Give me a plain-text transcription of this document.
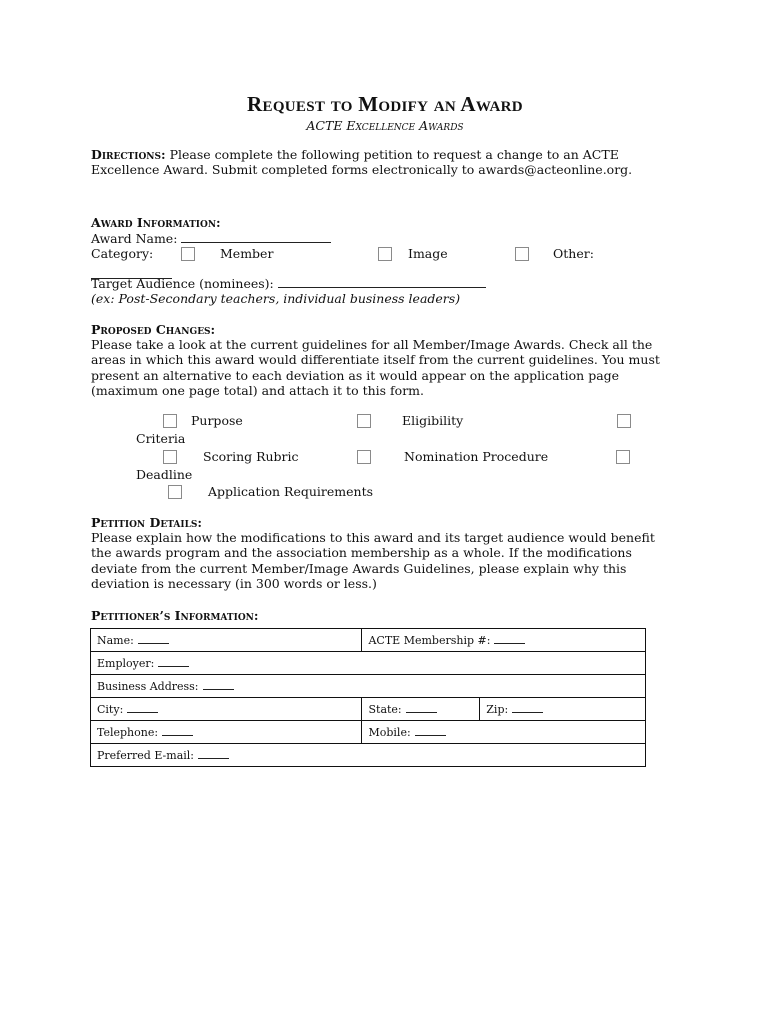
Request to Modify an Award
ACTE Excellence Awards
Directions: Please complete the following petition to request a change to an ACTE Excellence Award. Submit completed forms electronically to awards@acteonline.org.
Award Information:
Award Name:
Category:	Member	Image	Other:
Target Audience (nominees):
(ex: Post-Secondary teachers, individual business leaders)
Proposed Changes:
Please take a look at the current guidelines for all Member/Image Awards. Check all the areas in which this award would differentiate itself from the current guidelines. You must present an alternative to each deviation as it would appear on the application page (maximum one page total) and attach it to this form.
Purpose	Eligibility
Criteria
Scoring Rubric	Nomination Procedure
Deadline
Application Requirements
Petition Details:
Please explain how the modifications to this award and its target audience would benefit the awards program and the association membership as a whole. If the modifications deviate from the current Member/Image Awards Guidelines, please explain why this deviation is necessary (in 300 words or less.)
Petitioner’s Information:
Name:	ACTE Membership #:	
Employer:		
Business Address:		
City:	State:	Zip:
Telephone:	Mobile:	
Preferred E-mail:		
